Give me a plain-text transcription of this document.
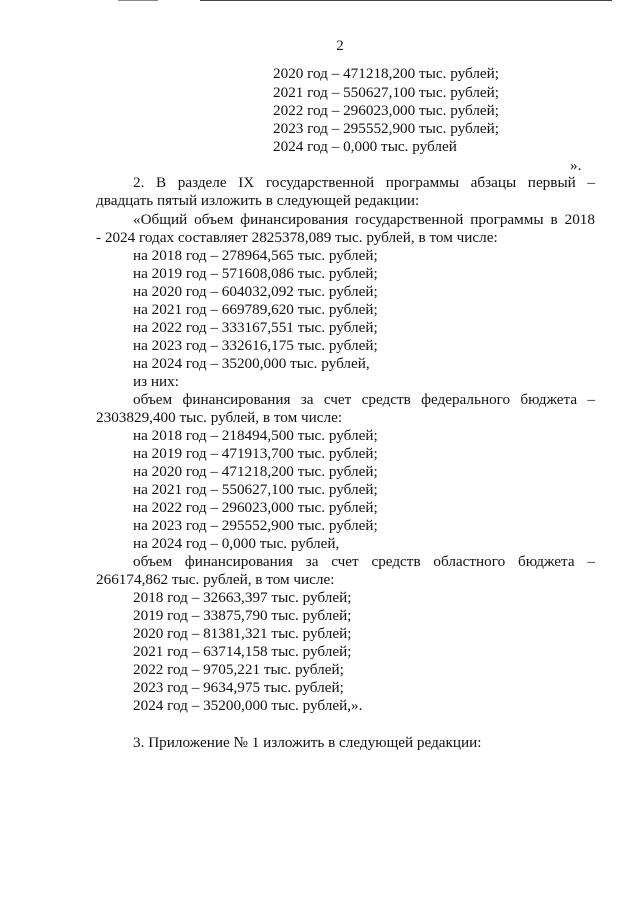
2
2020 год – 471218,200 тыс. рублей;
2021 год – 550627,100 тыс. рублей;
2022 год – 296023,000 тыс. рублей;
2023 год – 295552,900 тыс. рублей;
2024 год – 0,000 тыс. рублей
».
2. В разделе IX государственной программы абзацы первый –
двадцать пятый изложить в следующей редакции:
«Общий объем финансирования государственной программы в 2018
- 2024 годах составляет 2825378,089 тыс. рублей, в том числе:
на 2018 год – 278964,565 тыс. рублей;
на 2019 год – 571608,086 тыс. рублей;
на 2020 год – 604032,092 тыс. рублей;
на 2021 год – 669789,620 тыс. рублей;
на 2022 год – 333167,551 тыс. рублей;
на 2023 год – 332616,175 тыс. рублей;
на 2024 год – 35200,000 тыс. рублей,
из них:
объем финансирования за счет средств федерального бюджета –
2303829,400 тыс. рублей, в том числе:
на 2018 год – 218494,500 тыс. рублей;
на 2019 год – 471913,700 тыс. рублей;
на 2020 год – 471218,200 тыс. рублей;
на 2021 год – 550627,100 тыс. рублей;
на 2022 год – 296023,000 тыс. рублей;
на 2023 год – 295552,900 тыс. рублей;
на 2024 год – 0,000 тыс. рублей,
объем финансирования за счет средств областного бюджета –
266174,862 тыс. рублей, в том числе:
2018 год – 32663,397 тыс. рублей;
2019 год – 33875,790 тыс. рублей;
2020 год – 81381,321 тыс. рублей;
2021 год – 63714,158 тыс. рублей;
2022 год – 9705,221 тыс. рублей;
2023 год – 9634,975 тыс. рублей;
2024 год – 35200,000 тыс. рублей,».
3. Приложение № 1 изложить в следующей редакции:
